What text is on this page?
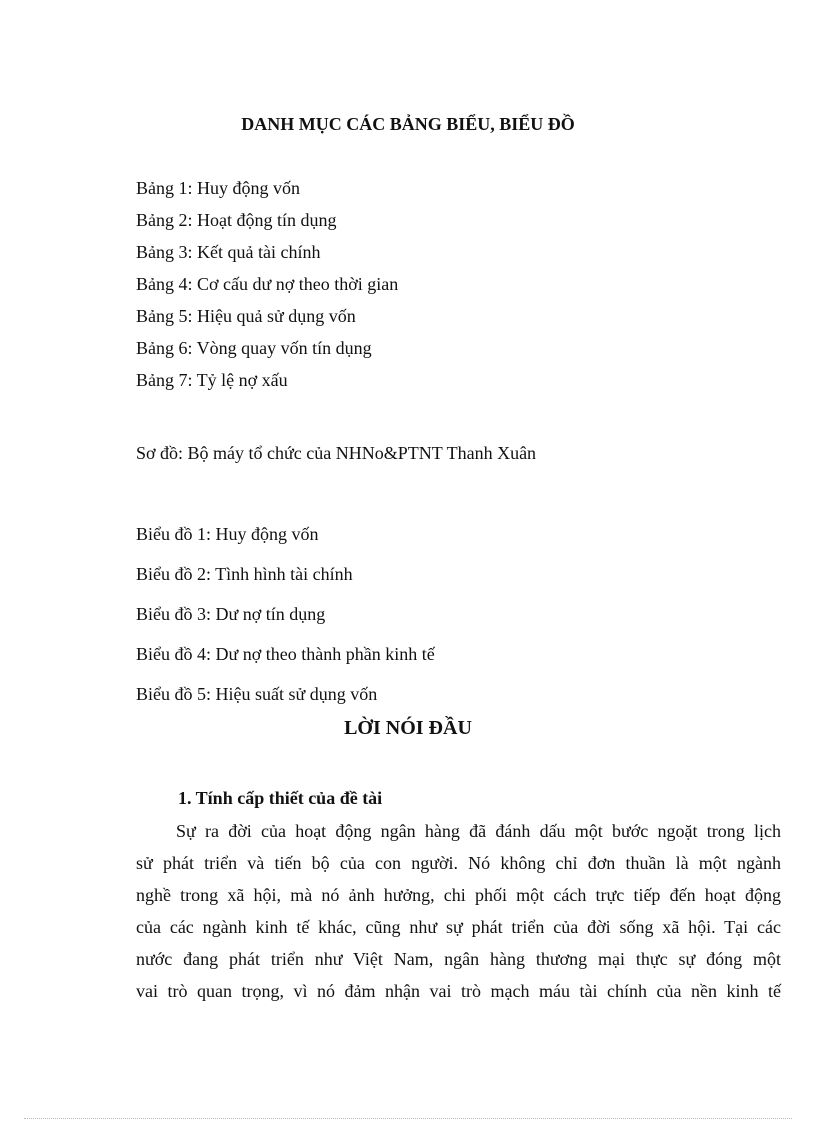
DANH MỤC CÁC BẢNG BIỂU, BIỂU ĐỒ

Bảng 1: Huy động vốn

Bảng 2: Hoạt động tín dụng

Bảng 3: Kết quả tài chính

Bảng 4: Cơ cấu dư nợ theo thời gian

Bảng 5: Hiệu quả sử dụng vốn

Bảng 6: Vòng quay vốn tín dụng

Bảng 7: Tỷ lệ nợ xấu

Sơ đồ: Bộ máy tổ chức của NHNo&PTNT Thanh Xuân

Biểu đồ 1: Huy động vốn

Biểu đồ 2: Tình hình tài chính

Biểu đồ 3: Dư nợ tín dụng

Biểu đồ 4: Dư nợ theo thành phần kinh tế

Biểu đồ 5: Hiệu suất sử dụng vốn

LỜI NÓI ĐẦU
1. Tính cấp thiết của đề tài
Sự ra đời của hoạt động ngân hàng đã đánh dấu một bước ngoặt trong lịch
sử phát triển và tiến bộ của con người. Nó không chỉ đơn thuần là một ngành
nghề trong xã hội, mà nó ảnh hưởng, chi phối một cách trực tiếp đến hoạt động
của các ngành kinh tế khác, cũng như sự phát triển của đời sống xã hội. Tại các
nước đang phát triển như Việt Nam, ngân hàng thương mại thực sự đóng một
vai trò quan trọng, vì nó đảm nhận vai trò mạch máu tài chính của nền kinh tế
